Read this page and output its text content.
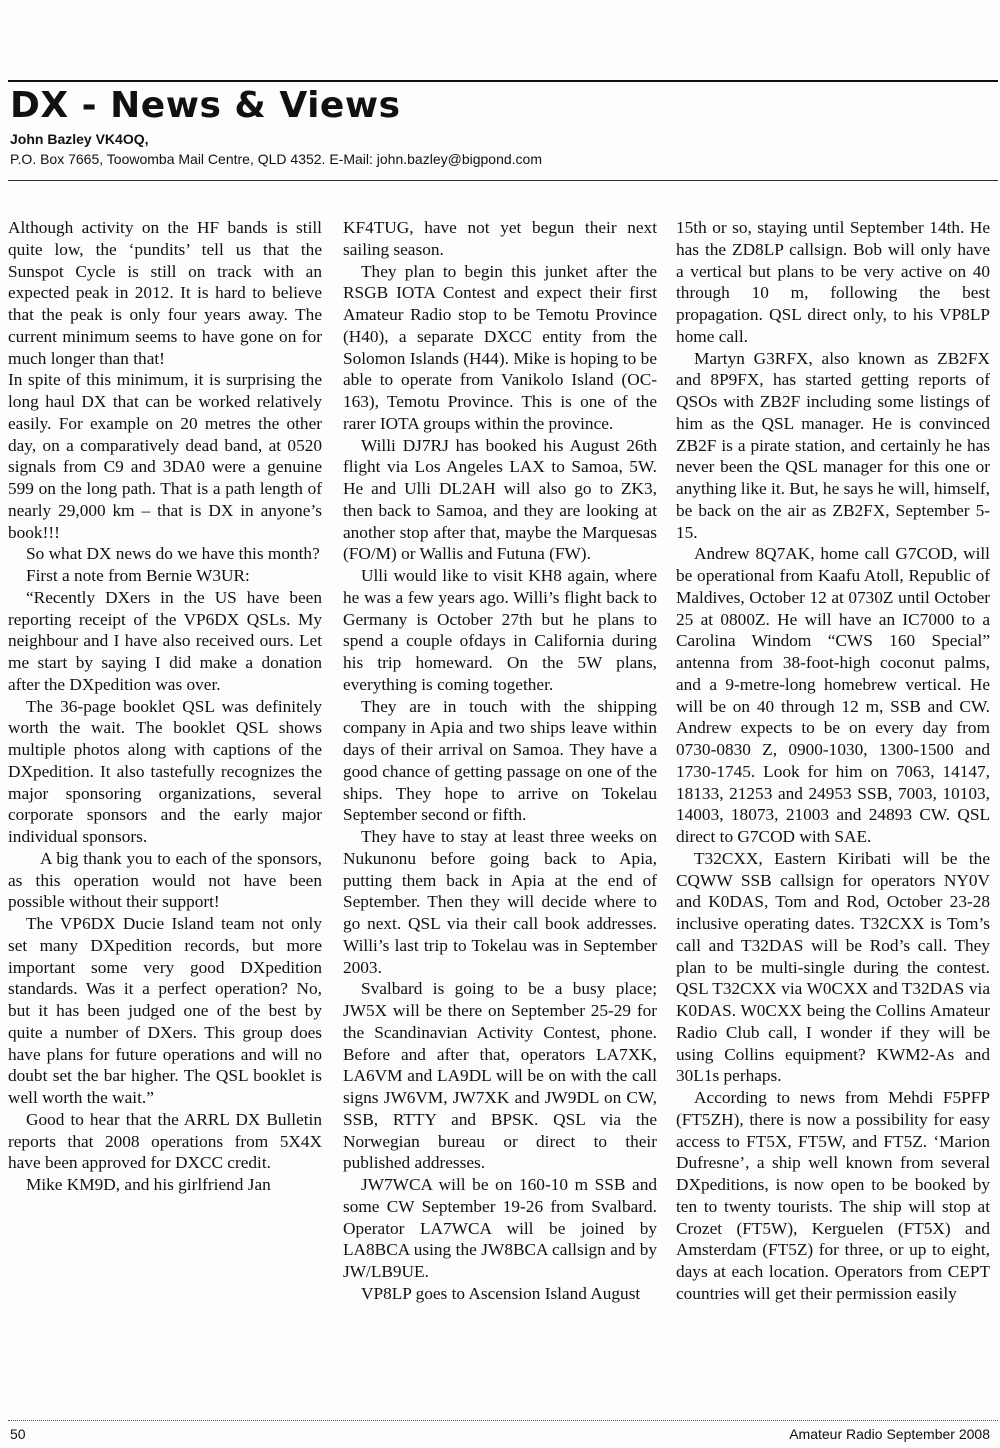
DX - News & Views
John Bazley VK4OQ,
P.O. Box 7665, Toowomba Mail Centre, QLD 4352. E-Mail: john.bazley@bigpond.com

Although activity on the HF bands is still quite low, the ‘pundits’ tell us that the Sunspot Cycle is still on track with an expected peak in 2012. It is hard to believe that the peak is only four years away. The current minimum seems to have gone on for much longer than that!

In spite of this minimum, it is surprising the long haul DX that can be worked relatively easily. For example on 20 metres the other day, on a comparatively dead band, at 0520 signals from C9 and 3DA0 were a genuine 599 on the long path. That is a path length of nearly 29,000 km – that is DX in anyone’s book!!!

So what DX news do we have this month?

First a note from Bernie W3UR:

“Recently DXers in the US have been reporting receipt of the VP6DX QSLs. My neighbour and I have also received ours. Let me start by saying I did make a donation after the DXpedition was over.

The 36-page booklet QSL was definitely worth the wait. The booklet QSL shows multiple photos along with captions of the DXpedition. It also tastefully recognizes the major sponsoring organizations, several corporate sponsors and the early major individual sponsors.

A big thank you to each of the sponsors, as this operation would not have been possible without their support!

The VP6DX Ducie Island team not only set many DXpedition records, but more important some very good DXpedition standards. Was it a perfect operation? No, but it has been judged one of the best by quite a number of DXers. This group does have plans for future operations and will no doubt set the bar higher. The QSL booklet is well worth the wait.”

Good to hear that the ARRL DX Bulletin reports that 2008 operations from 5X4X have been approved for DXCC credit.

Mike KM9D, and his girlfriend Jan

KF4TUG, have not yet begun their next sailing season.

They plan to begin this junket after the RSGB IOTA Contest and expect their first Amateur Radio stop to be Temotu Province (H40), a separate DXCC entity from the Solomon Islands (H44). Mike is hoping to be able to operate from Vanikolo Island (OC-163), Temotu Province. This is one of the rarer IOTA groups within the province.

Willi DJ7RJ has booked his August 26th flight via Los Angeles LAX to Samoa, 5W. He and Ulli DL2AH will also go to ZK3, then back to Samoa, and they are looking at another stop after that, maybe the Marquesas (FO/M) or Wallis and Futuna (FW).

Ulli would like to visit KH8 again, where he was a few years ago. Willi’s flight back to Germany is October 27th but he plans to spend a couple ofdays in California during his trip homeward. On the 5W plans, everything is coming together.

They are in touch with the shipping company in Apia and two ships leave within days of their arrival on Samoa. They have a good chance of getting passage on one of the ships. They hope to arrive on Tokelau September second or fifth.

They have to stay at least three weeks on Nukunonu before going back to Apia, putting them back in Apia at the end of September. Then they will decide where to go next. QSL via their call book addresses. Willi’s last trip to Tokelau was in September 2003.

Svalbard is going to be a busy place; JW5X will be there on September 25-29 for the Scandinavian Activity Contest, phone. Before and after that, operators LA7XK, LA6VM and LA9DL will be on with the call signs JW6VM, JW7XK and JW9DL on CW, SSB, RTTY and BPSK. QSL via the Norwegian bureau or direct to their published addresses.

JW7WCA will be on 160-10 m SSB and some CW September 19-26 from Svalbard. Operator LA7WCA will be joined by LA8BCA using the JW8BCA callsign and by JW/LB9UE.

VP8LP goes to Ascension Island August

15th or so, staying until September 14th. He has the ZD8LP callsign. Bob will only have a vertical but plans to be very active on 40 through 10 m, following the best propagation. QSL direct only, to his VP8LP home call.

Martyn G3RFX, also known as ZB2FX and 8P9FX, has started getting reports of QSOs with ZB2F including some listings of him as the QSL manager. He is convinced ZB2F is a pirate station, and certainly he has never been the QSL manager for this one or anything like it. But, he says he will, himself, be back on the air as ZB2FX, September 5-15.

Andrew 8Q7AK, home call G7COD, will be operational from Kaafu Atoll, Republic of Maldives, October 12 at 0730Z until October 25 at 0800Z. He will have an IC7000 to a Carolina Windom “CWS 160 Special” antenna from 38-foot-high coconut palms, and a 9-metre-long homebrew vertical. He will be on 40 through 12 m, SSB and CW. Andrew expects to be on every day from 0730-0830 Z, 0900-1030, 1300-1500 and 1730-1745. Look for him on 7063, 14147, 18133, 21253 and 24953 SSB, 7003, 10103, 14003, 18073, 21003 and 24893 CW. QSL direct to G7COD with SAE.

T32CXX, Eastern Kiribati will be the CQWW SSB callsign for operators NY0V and K0DAS, Tom and Rod, October 23-28 inclusive operating dates. T32CXX is Tom’s call and T32DAS will be Rod’s call. They plan to be multi-single during the contest. QSL T32CXX via W0CXX and T32DAS via K0DAS. W0CXX being the Collins Amateur Radio Club call, I wonder if they will be using Collins equipment? KWM2-As and 30L1s perhaps.

According to news from Mehdi F5PFP (FT5ZH), there is now a possibility for easy access to FT5X, FT5W, and FT5Z. ‘Marion Dufresne’, a ship well known from several DXpeditions, is now open to be booked by ten to twenty tourists. The ship will stop at Crozet (FT5W), Kerguelen (FT5X) and Amsterdam (FT5Z) for three, or up to eight, days at each location. Operators from CEPT countries will get their permission easily

50	Amateur Radio September 2008
